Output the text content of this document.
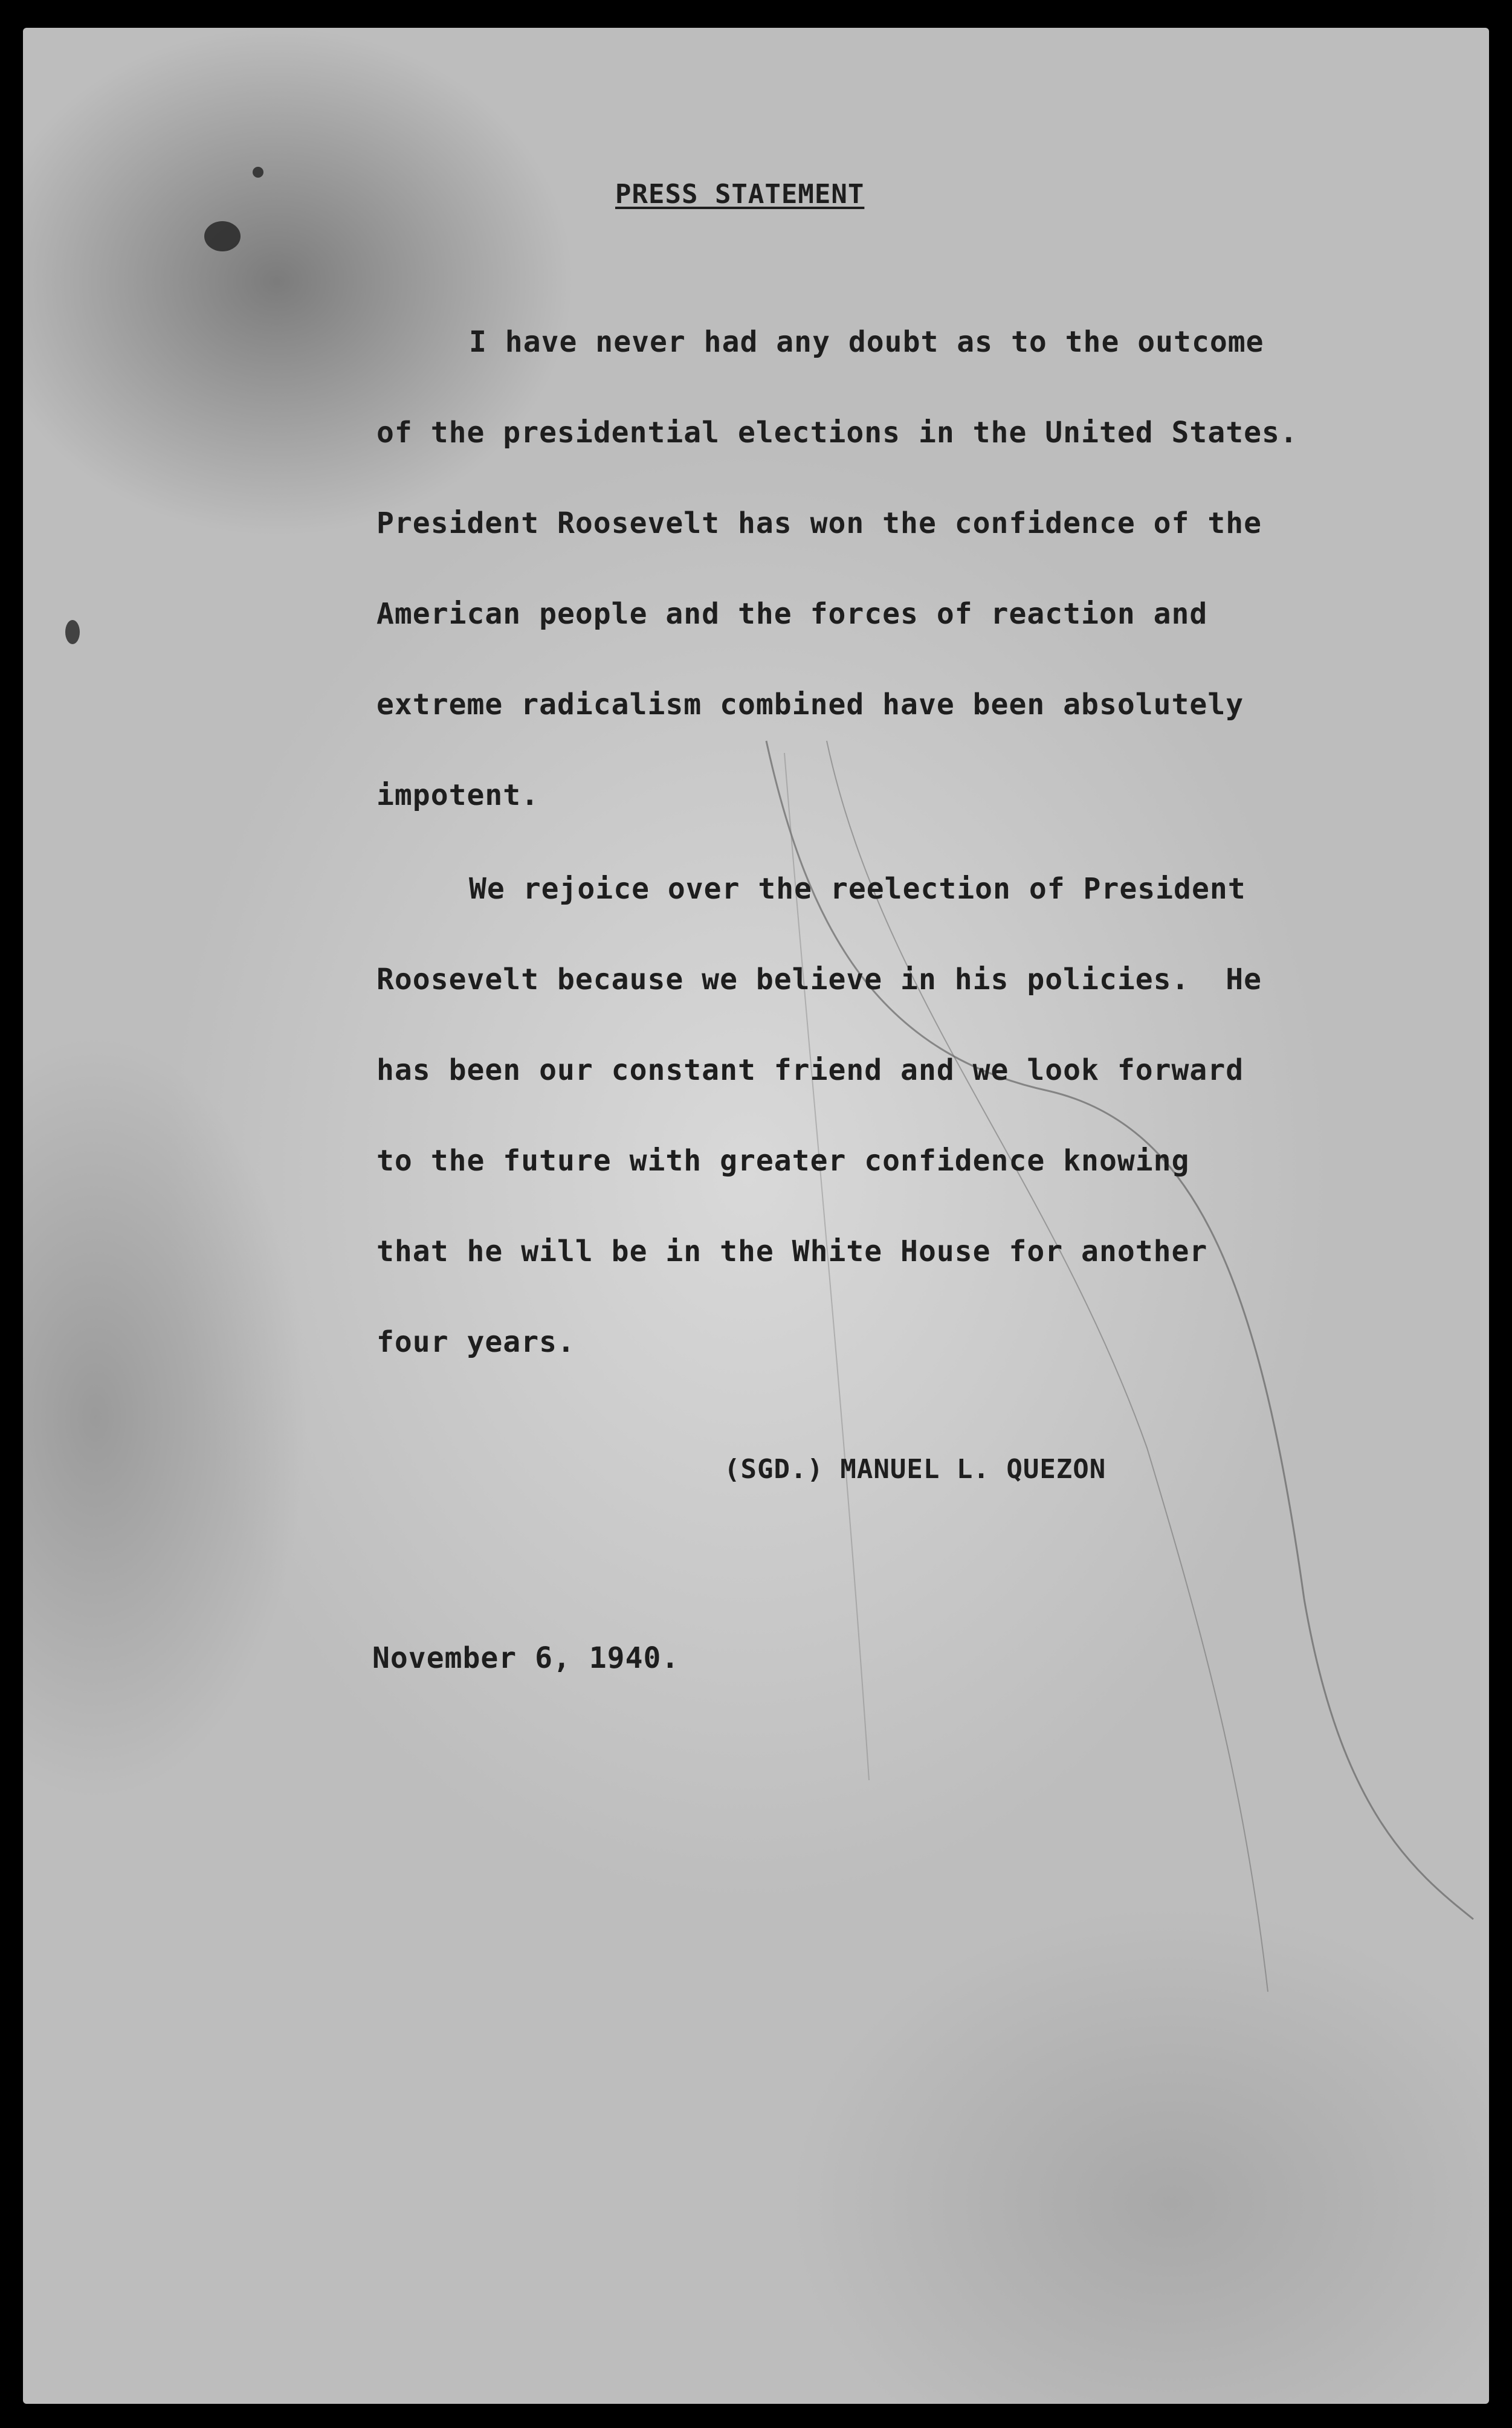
PRESS STATEMENT
I have never had any doubt as to the outcome
of the presidential elections in the United States.
President Roosevelt has won the confidence of the
American people and the forces of reaction and
extreme radicalism combined have been absolutely
impotent.
We rejoice over the reelection of President
Roosevelt because we believe in his policies.  He
has been our constant friend and we look forward
to the future with greater confidence knowing
that he will be in the White House for another
four years.
(SGD.) MANUEL L. QUEZON
November 6, 1940.
